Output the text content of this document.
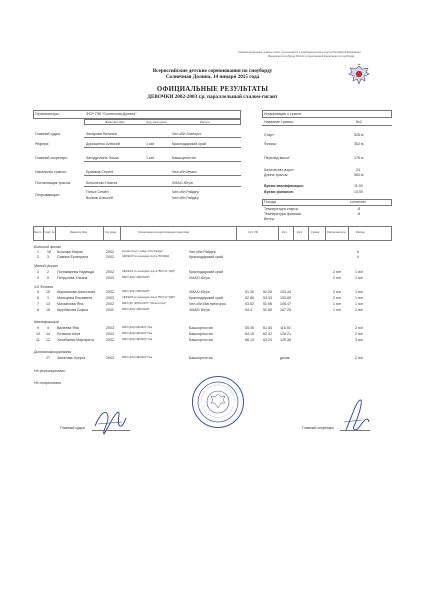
Главная федерация лыжных гонок, горнолыжного и сноубордического спорта Российской Федерации
Федерация сноуборда России и горнолыжной федерации по сноуборду
Всероссийские детские соревнования по сноуборду
Солнечная Долина, 14 января 2015 года
ОФИЦИАЛЬНЫЕ РЕЗУЛЬТАТЫ
ДЕВОЧКИ 2002-2003 г.р. параллельный слалом-гигант
Организаторы:	ФСР, ГЛК "Солнечная Долина"
Фамилия Имя	Суд. категория	Регион
Главный судья:	Захарова Наталья	Чел.обл.Златоуст
Рефери:	Дорошенко Алексей	1 кат	Краснодарский край
Главный секретарь:	Загидуллина Эльза	1 кат	Башкортостан
Начальник трассы:	Ермаков Сергей	Чел.обл.Миасс
Постановщик трассы:	Колыленко Никита	ХМАО-Югра
Открывающие:
Пятых Семён	Чел.обл.Райдер
Волков Алексей	Чел.обл.Райдер
Информация о трассе
Название трассы:	№2
Старт:	528 м
Финиш:	352 м
Перепад высот:	176 м
Количество ворот:	24
Длина трассы:	560 м
Время квалификации:	11:00
Время финалов:	13:00
Погода	солнечно
Температура старта:	-8
Температура финиша:	-8
Ветер:
Место Старт №	Фамилия Имя	Год рожд.	Организация осуществляющая подготовку	Суб. РФ	Кв.1	Кв.2	Сумма	Разряд выполн.	Разряд
Большой финал
1 18 Бочкова Мария	2002	филиал Осыр / Чайка, СОЦ "Райдер"	Чел.обл.Райдер	II
2 3 Савина Екатерина	2002	СДЮШОР по зим.видам спорта ГБОУДОД	Краснодарский край	II
Малый финал
3 2 Пономарева Надежда	2002	СДЮШОР по зим.видам спорта ГБОУ КК "КДЮ"	Краснодарский край	2 юн	1 юн
4 5 Петрусева Ульяна	2003	МБОУ ДОД "СДЮСШОР"	ХМАО-Югра	2 юн	1 юн
1/4 Финала
5 10 Ширшикова Анастасия	2002	МБОУ ДОД "СДЮСШОР"	ХМАО-Югра	51.30	52.05 103.44	2 юн	1 юн
6 1 Мальцева Елизавета	2003	СДЮШОР по зим.видам спорта ГБОУ КК "КДЮ"	Краснодарский край	52.86	53.03 105.89	2 юн	1 юн
7 13 Михайлова Яна	2002	МБОУ ДО "ДЮСШ МГО" "Магнитогорск"	Чел.обл.Магнитогорск	53.52	52.98 106.47	1 юн	1 юн
8 16 Щербакова Софья	2002	МБОУ ДОД "СДЮСШОР"	ХМАО-Югра	54.4	52.85 107.25	1 юн	2 юн
Квалификация
9 4 Валеева Яна	2003	МБОУ ДОД СДЮШОР Уфа	Башкортостан	55.39	61.53 116.92	2 юн
10 14 Литвина Анна	2002	МБОУ ДОД СДЮШОР Уфа	Башкортостан	64.19	62.02 126.21	2 юн
11 12 Хачибаева Маргарита	2002	МБОУ ДОД СДЮШОР Уфа	Башкортостан	66.14	63.24 129.38	3 юн
Дисквалифицированы
17 Зинатова Урсула	2003	МБОУ ДОД СДЮШОР Уфа	Башкортостан	дискв.	2 юн
Не финишировали
Не стартовали
Главный судья	Главный секретарь
